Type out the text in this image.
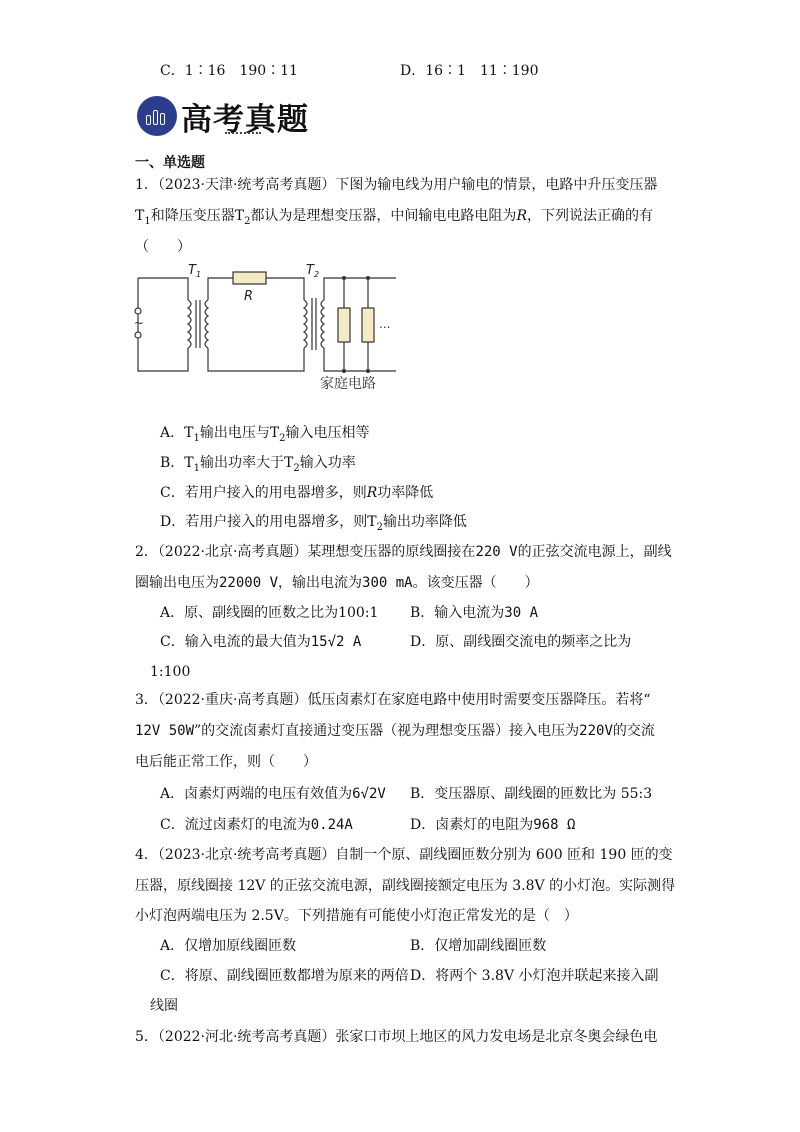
C．1∶16　190∶11	D．16∶1　11∶190
高考真题
一、单选题
1．（2023·天津·统考高考真题）下图为输电线为用户输电的情景，电路中升压变压器
$T_1$和降压变压器$T_2$都认为是理想变压器，中间输电电路电阻为R，下列说法正确的有
（　　）
~
$T_1$
R
$T_2$
...
家庭电路
A．$T_1$输出电压与$T_2$输入电压相等
B．$T_1$输出功率大于$T_2$输入功率
C．若用户接入的用电器增多，则R功率降低
D．若用户接入的用电器增多，则$T_2$输出功率降低
2．（2022·北京·高考真题）某理想变压器的原线圈接在220 V的正弦交流电源上，副线
圈输出电压为22000 V，输出电流为300 mA。该变压器（　　）
A．原、副线圈的匝数之比为100:1 B．输入电流为30 A
C．输入电流的最大值为15√2 A	D．原、副线圈交流电的频率之比为
1:100
3．（2022·重庆·高考真题）低压卤素灯在家庭电路中使用时需要变压器降压。若将“
12V 50W”的交流卤素灯直接通过变压器（视为理想变压器）接入电压为220V的交流
电后能正常工作，则（　　）
A．卤素灯两端的电压有效值为6√2V B．变压器原、副线圈的匝数比为 55:3
C．流过卤素灯的电流为0.24A	D．卤素灯的电阻为968 Ω
4．（2023·北京·统考高考真题）自制一个原、副线圈匝数分别为 600 匝和 190 匝的变
压器，原线圈接 12V 的正弦交流电源，副线圈接额定电压为 3.8V 的小灯泡。实际测得
小灯泡两端电压为 2.5V。下列措施有可能使小灯泡正常发光的是（　）
A．仅增加原线圈匝数	B．仅增加副线圈匝数
C．将原、副线圈匝数都增为原来的两倍 D．将两个 3.8V 小灯泡并联起来接入副
线圈
5．（2022·河北·统考高考真题）张家口市坝上地区的风力发电场是北京冬奥会绿色电
